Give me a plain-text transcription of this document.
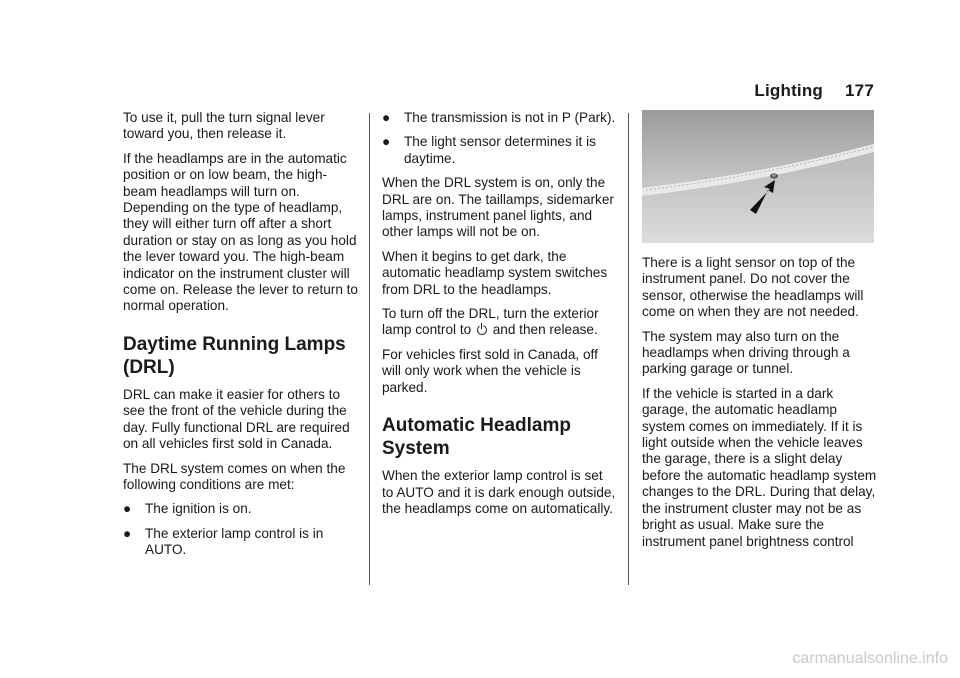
Lighting 177

To use it, pull the turn signal lever toward you, then release it.

If the headlamps are in the automatic position or on low beam, the high-beam headlamps will turn on. Depending on the type of headlamp, they will either turn off after a short duration or stay on as long as you hold the lever toward you. The high-beam indicator on the instrument cluster will come on. Release the lever to return to normal operation.

Daytime Running Lamps (DRL)

DRL can make it easier for others to see the front of the vehicle during the day. Fully functional DRL are required on all vehicles first sold in Canada.

The DRL system comes on when the following conditions are met:

●	The ignition is on.
●	The exterior lamp control is in AUTO.
●	The transmission is not in P (Park).
●	The light sensor determines it is daytime.

When the DRL system is on, only the DRL are on. The taillamps, sidemarker lamps, instrument panel lights, and other lamps will not be on.

When it begins to get dark, the automatic headlamp system switches from DRL to the headlamps.

To turn off the DRL, turn the exterior lamp control to and then release.

For vehicles first sold in Canada, off will only work when the vehicle is parked.

Automatic Headlamp System

When the exterior lamp control is set to AUTO and it is dark enough outside, the headlamps come on automatically.

There is a light sensor on top of the instrument panel. Do not cover the sensor, otherwise the headlamps will come on when they are not needed.

The system may also turn on the headlamps when driving through a parking garage or tunnel.

If the vehicle is started in a dark garage, the automatic headlamp system comes on immediately. If it is light outside when the vehicle leaves the garage, there is a slight delay before the automatic headlamp system changes to the DRL. During that delay, the instrument cluster may not be as bright as usual. Make sure the instrument panel brightness control

carmanualsonline.info
